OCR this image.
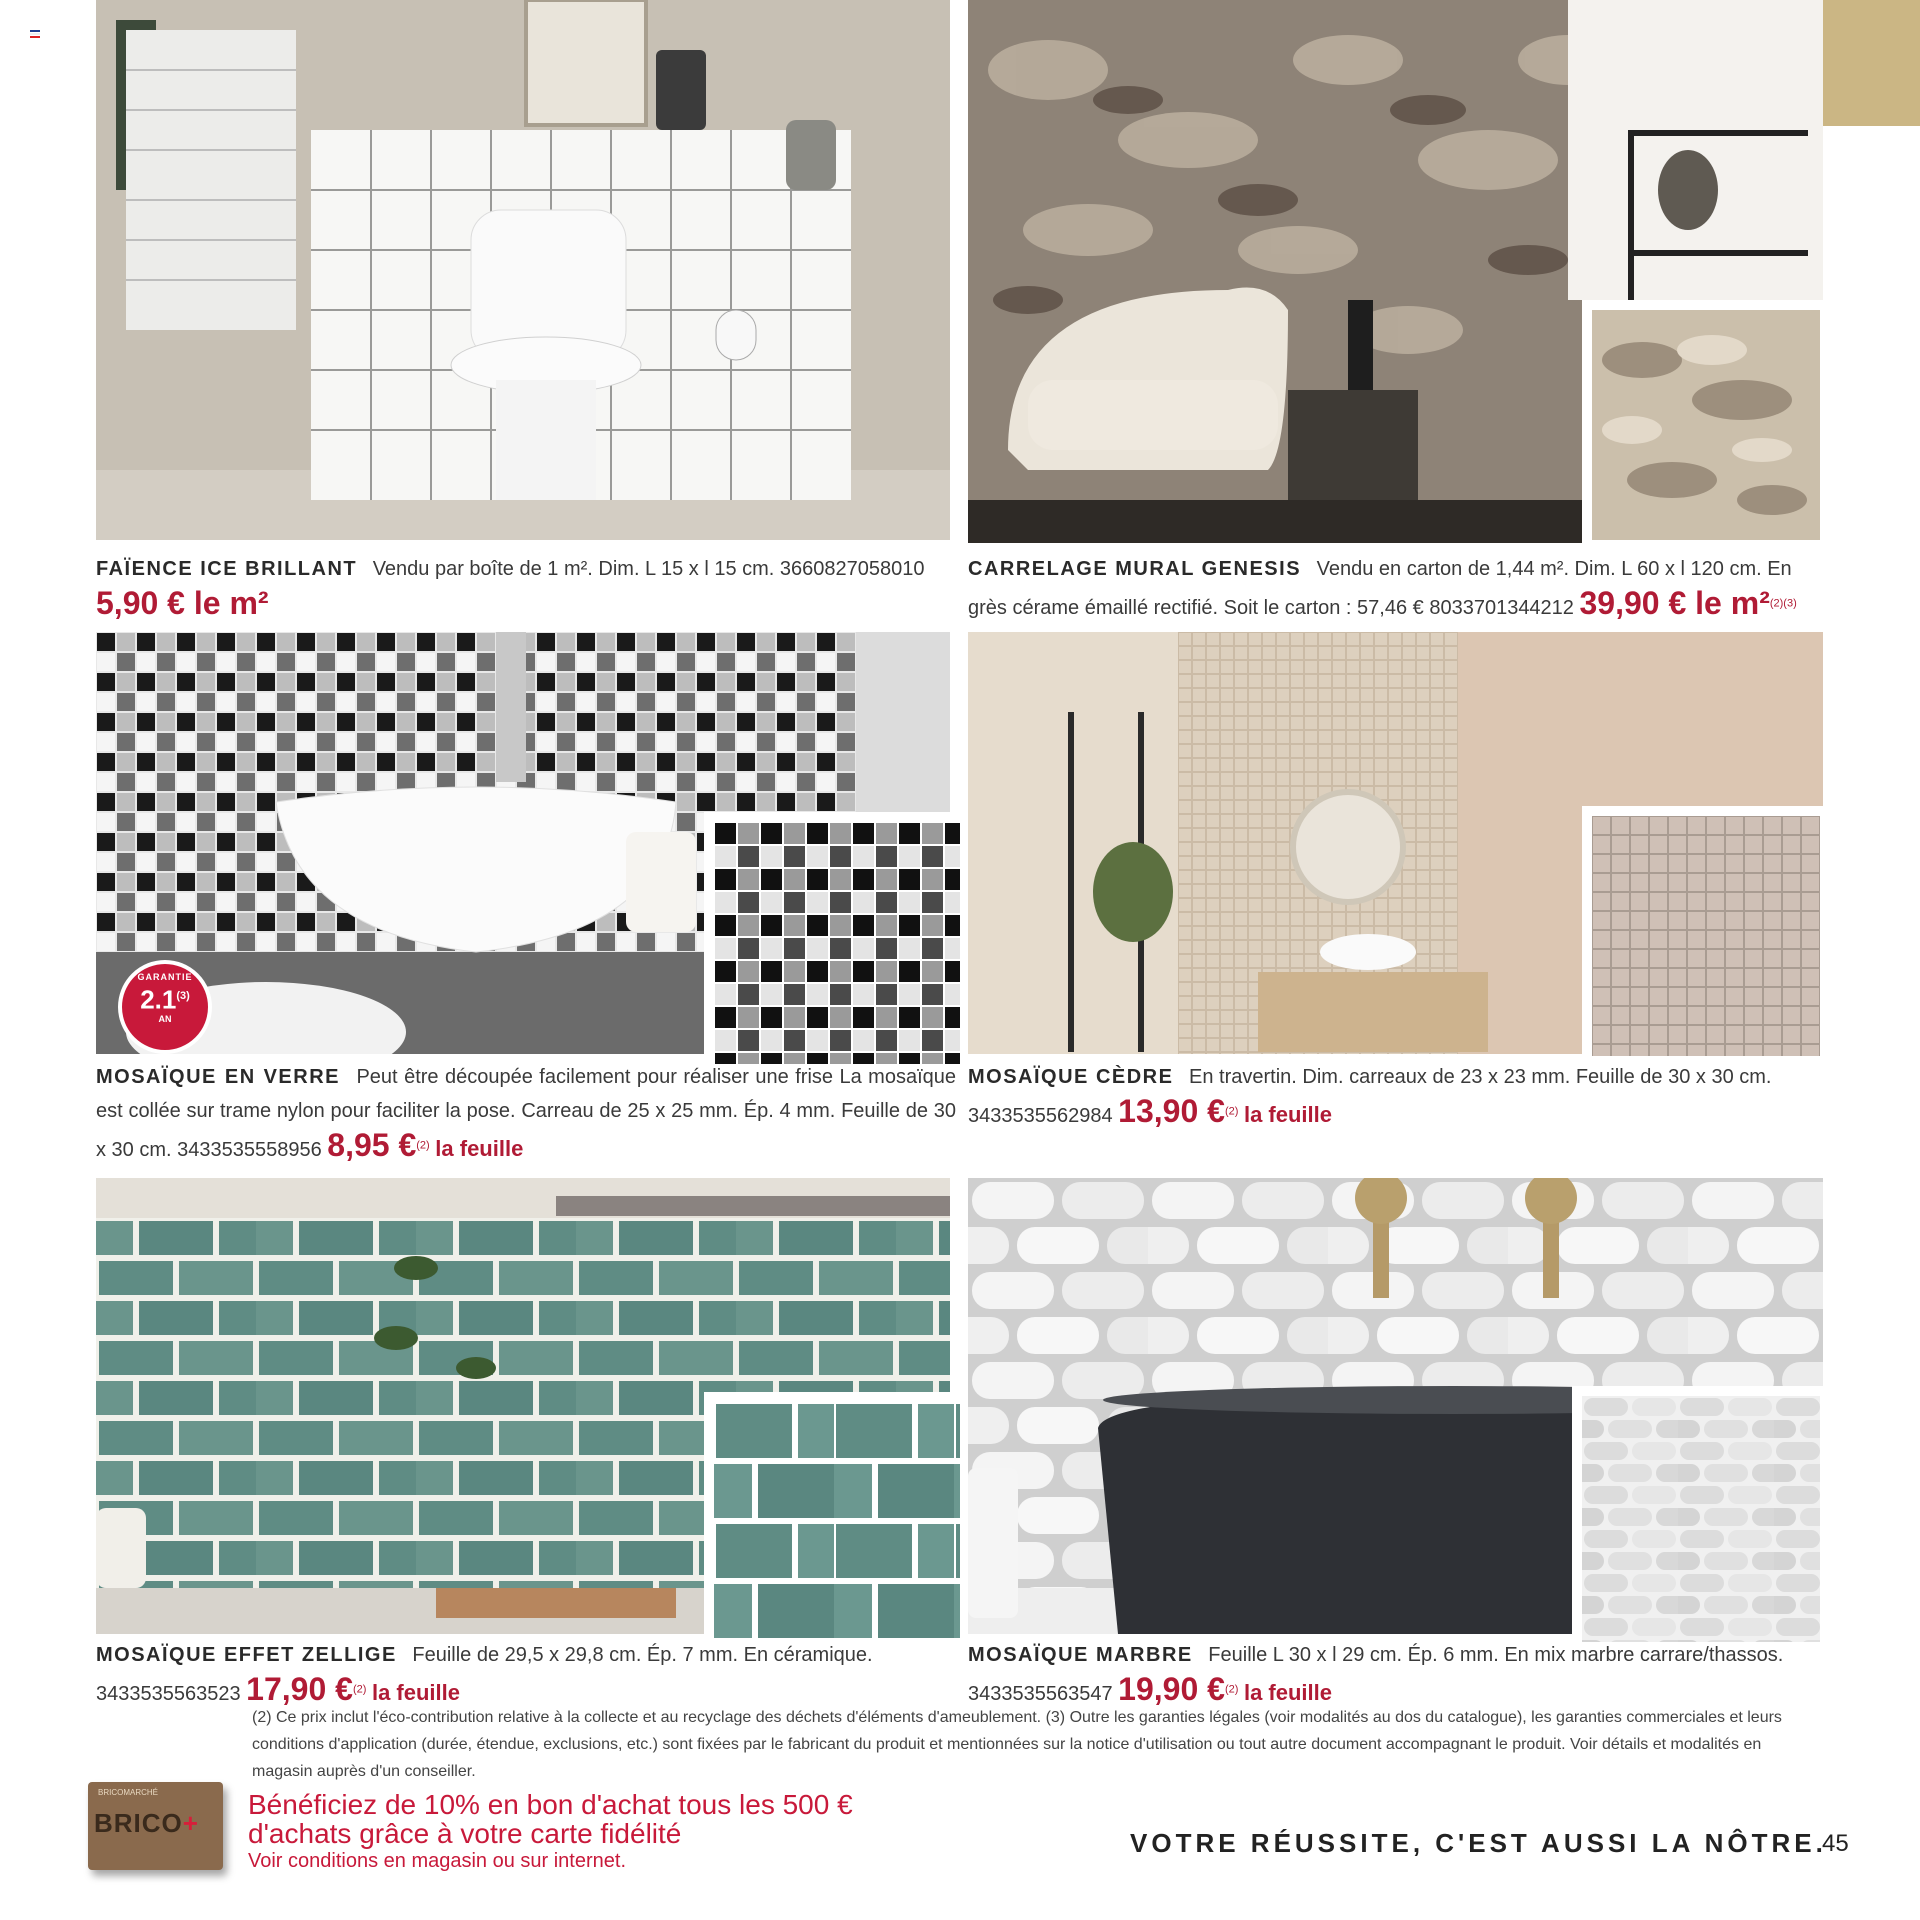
FAÏENCE ICE BRILLANT Vendu par boîte de 1 m². Dim. L 15 x l 15 cm. 3660827058010
5,90 € le m²
CARRELAGE MURAL GENESIS Vendu en carton de 1,44 m². Dim. L 60 x l 120 cm. En grès cérame émaillé rectifié. Soit le carton : 57,46 € 8033701344212 39,90 € le m²$^{(2)(3)}$
GARANTIE
2.1$^{(3)}$
AN
MOSAÏQUE EN VERRE Peut être découpée facilement pour réaliser une frise La mosaïque est collée sur trame nylon pour faciliter la pose. Carreau de 25 x 25 mm. Ép. 4 mm. Feuille de 30 x 30 cm. 3433535558956 8,95 €$^{(2)}$ la feuille
MOSAÏQUE CÈDRE En travertin. Dim. carreaux de 23 x 23 mm. Feuille de 30 x 30 cm. 3433535562984 13,90 €$^{(2)}$ la feuille
MOSAÏQUE EFFET ZELLIGE Feuille de 29,5 x 29,8 cm. Ép. 7 mm. En céramique. 3433535563523 17,90 €$^{(2)}$ la feuille
MOSAÏQUE MARBRE Feuille L 30 x l 29 cm. Ép. 6 mm. En mix marbre carrare/thassos. 3433535563547 19,90 €$^{(2)}$ la feuille
(2) Ce prix inclut l'éco-contribution relative à la collecte et au recyclage des déchets d'éléments d'ameublement. (3) Outre les garanties légales (voir modalités au dos du catalogue), les garanties commerciales et leurs conditions d'application (durée, étendue, exclusions, etc.) sont fixées par le fabricant du produit et mentionnées sur la notice d'utilisation ou tout autre document accompagnant le produit. Voir détails et modalités en magasin auprès d'un conseiller.
BRICOMARCHÉ
BRICO+
Bénéficiez de 10% en bon d'achat tous les 500 €
d'achats grâce à votre carte fidélité
Voir conditions en magasin ou sur internet.
VOTRE RÉUSSITE, C'EST AUSSI LA NÔTRE.
45
